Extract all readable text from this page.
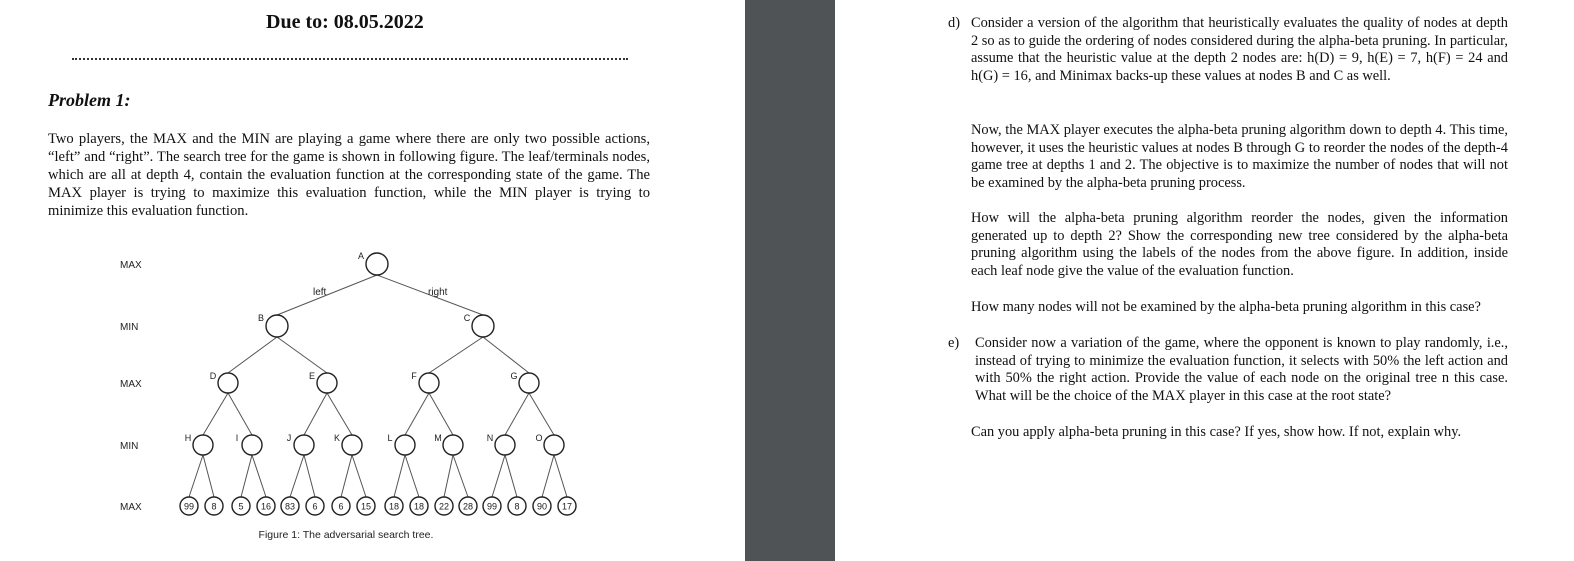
Due to: 08.05.2022
Problem 1:

Two players, the MAX and the MIN are playing a game where there are only two possible actions, “left” and “right”. The search tree for the game is shown in following figure. The leaf/terminals nodes, which are all at depth 4, contain the evaluation function at the corresponding state of the game. The MAX player is trying to maximize this evaluation function, while the MIN player is trying to minimize this evaluation function.

MAX
MIN
MAX
MIN
MAX
left	right
A
B	C
D	E	F	G
H	I	J	K	L	M	N	O
99 8 5 16 83 6 6 15 18 18 22 28 99 8 90 17
Figure 1: The adversarial search tree.
d) Consider a version of the algorithm that heuristically evaluates the quality of nodes at depth 2 so as to guide the ordering of nodes considered during the alpha-beta pruning. In particular, assume that the heuristic value at the depth 2 nodes are: h(D) = 9, h(E) = 7, h(F) = 24 and h(G) = 16, and Minimax backs-up these values at nodes B and C as well.

Now, the MAX player executes the alpha-beta pruning algorithm down to depth 4. This time, however, it uses the heuristic values at nodes B through G to reorder the nodes of the depth-4 game tree at depths 1 and 2. The objective is to maximize the number of nodes that will not be examined by the alpha-beta pruning process.

How will the alpha-beta pruning algorithm reorder the nodes, given the information generated up to depth 2? Show the corresponding new tree considered by the alpha-beta pruning algorithm using the labels of the nodes from the above figure. In addition, inside each leaf node give the value of the evaluation function.

How many nodes will not be examined by the alpha-beta pruning algorithm in this case?

e) Consider now a variation of the game, where the opponent is known to play randomly, i.e., instead of trying to minimize the evaluation function, it selects with 50% the left action and with 50% the right action. Provide the value of each node on the original tree n this case. What will be the choice of the MAX player in this case at the root state?

Can you apply alpha-beta pruning in this case? If yes, show how. If not, explain why.
